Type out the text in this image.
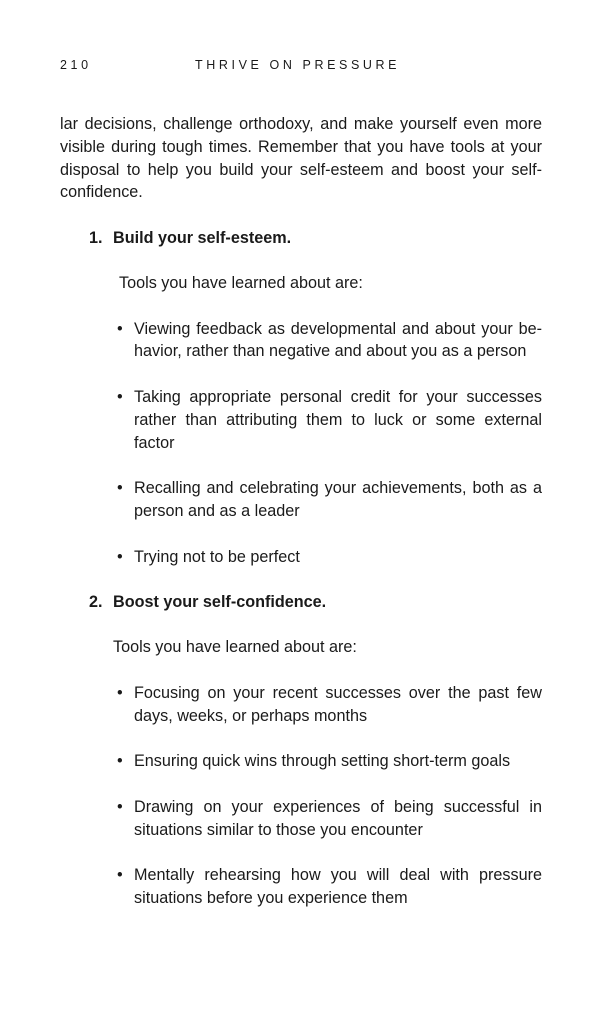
210	THRIVE ON PRESSURE

lar decisions, challenge orthodoxy, and make yourself even more visible during tough times. Remember that you have tools at your disposal to help you build your self-esteem and boost your self-confidence.

1. Build your self-esteem.

Tools you have learned about are:

• Viewing feedback as developmental and about your be-havior, rather than negative and about you as a person
• Taking appropriate personal credit for your successes rather than attributing them to luck or some external factor
• Recalling and celebrating your achievements, both as a person and as a leader
• Trying not to be perfect

2. Boost your self-confidence.

Tools you have learned about are:

• Focusing on your recent successes over the past few days, weeks, or perhaps months
• Ensuring quick wins through setting short-term goals
• Drawing on your experiences of being successful in situations similar to those you encounter
• Mentally rehearsing how you will deal with pressure situations before you experience them
